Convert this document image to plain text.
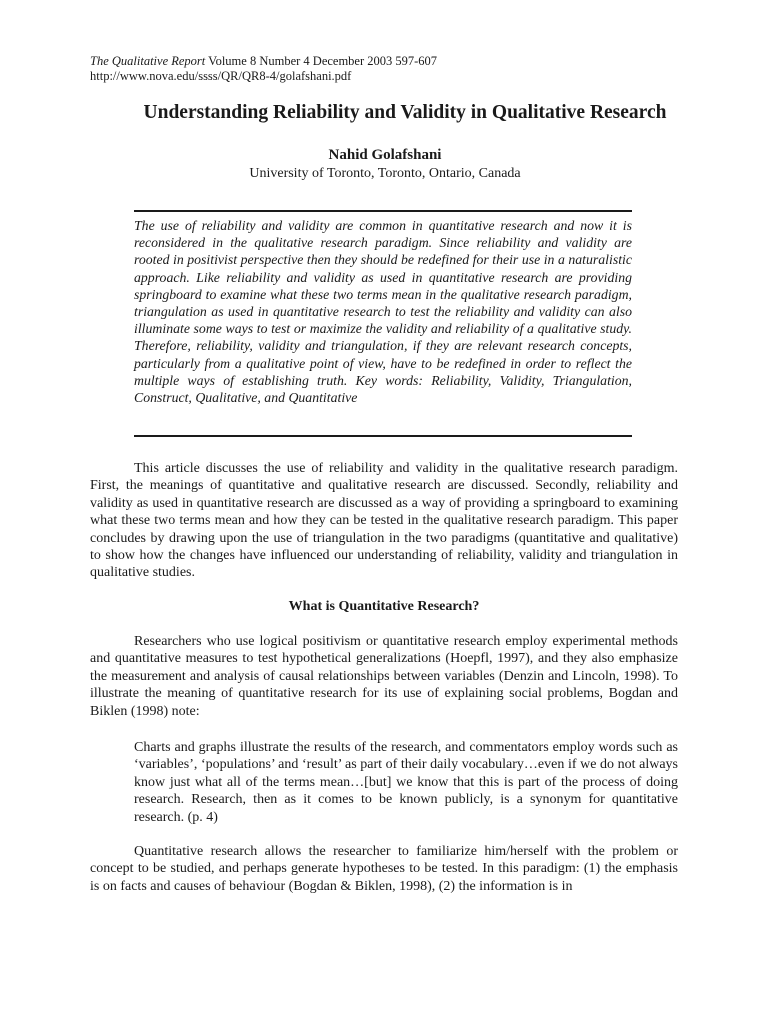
The Qualitative Report Volume 8 Number 4 December 2003 597-607
http://www.nova.edu/ssss/QR/QR8-4/golafshani.pdf
Understanding Reliability and Validity in Qualitative Research
Nahid Golafshani
University of Toronto, Toronto, Ontario, Canada
The use of reliability and validity are common in quantitative research and now it is reconsidered in the qualitative research paradigm. Since reliability and validity are rooted in positivist perspective then they should be redefined for their use in a naturalistic approach. Like reliability and validity as used in quantitative research are providing springboard to examine what these two terms mean in the qualitative research paradigm, triangulation as used in quantitative research to test the reliability and validity can also illuminate some ways to test or maximize the validity and reliability of a qualitative study. Therefore, reliability, validity and triangulation, if they are relevant research concepts, particularly from a qualitative point of view, have to be redefined in order to reflect the multiple ways of establishing truth. Key words: Reliability, Validity, Triangulation, Construct, Qualitative, and Quantitative

This article discusses the use of reliability and validity in the qualitative research paradigm. First, the meanings of quantitative and qualitative research are discussed. Secondly, reliability and validity as used in quantitative research are discussed as a way of providing a springboard to examining what these two terms mean and how they can be tested in the qualitative research paradigm. This paper concludes by drawing upon the use of triangulation in the two paradigms (quantitative and qualitative) to show how the changes have influenced our understanding of reliability, validity and triangulation in qualitative studies.

What is Quantitative Research?

Researchers who use logical positivism or quantitative research employ experimental methods and quantitative measures to test hypothetical generalizations (Hoepfl, 1997), and they also emphasize the measurement and analysis of causal relationships between variables (Denzin and Lincoln, 1998). To illustrate the meaning of quantitative research for its use of explaining social problems, Bogdan and Biklen (1998) note:

Charts and graphs illustrate the results of the research, and commentators employ words such as ‘variables’, ‘populations’ and ‘result’ as part of their daily vocabulary…even if we do not always know just what all of the terms mean…[but] we know that this is part of the process of doing research. Research, then as it comes to be known publicly, is a synonym for quantitative research. (p. 4)

Quantitative research allows the researcher to familiarize him/herself with the problem or concept to be studied, and perhaps generate hypotheses to be tested. In this paradigm: (1) the emphasis is on facts and causes of behaviour (Bogdan & Biklen, 1998), (2) the information is in
